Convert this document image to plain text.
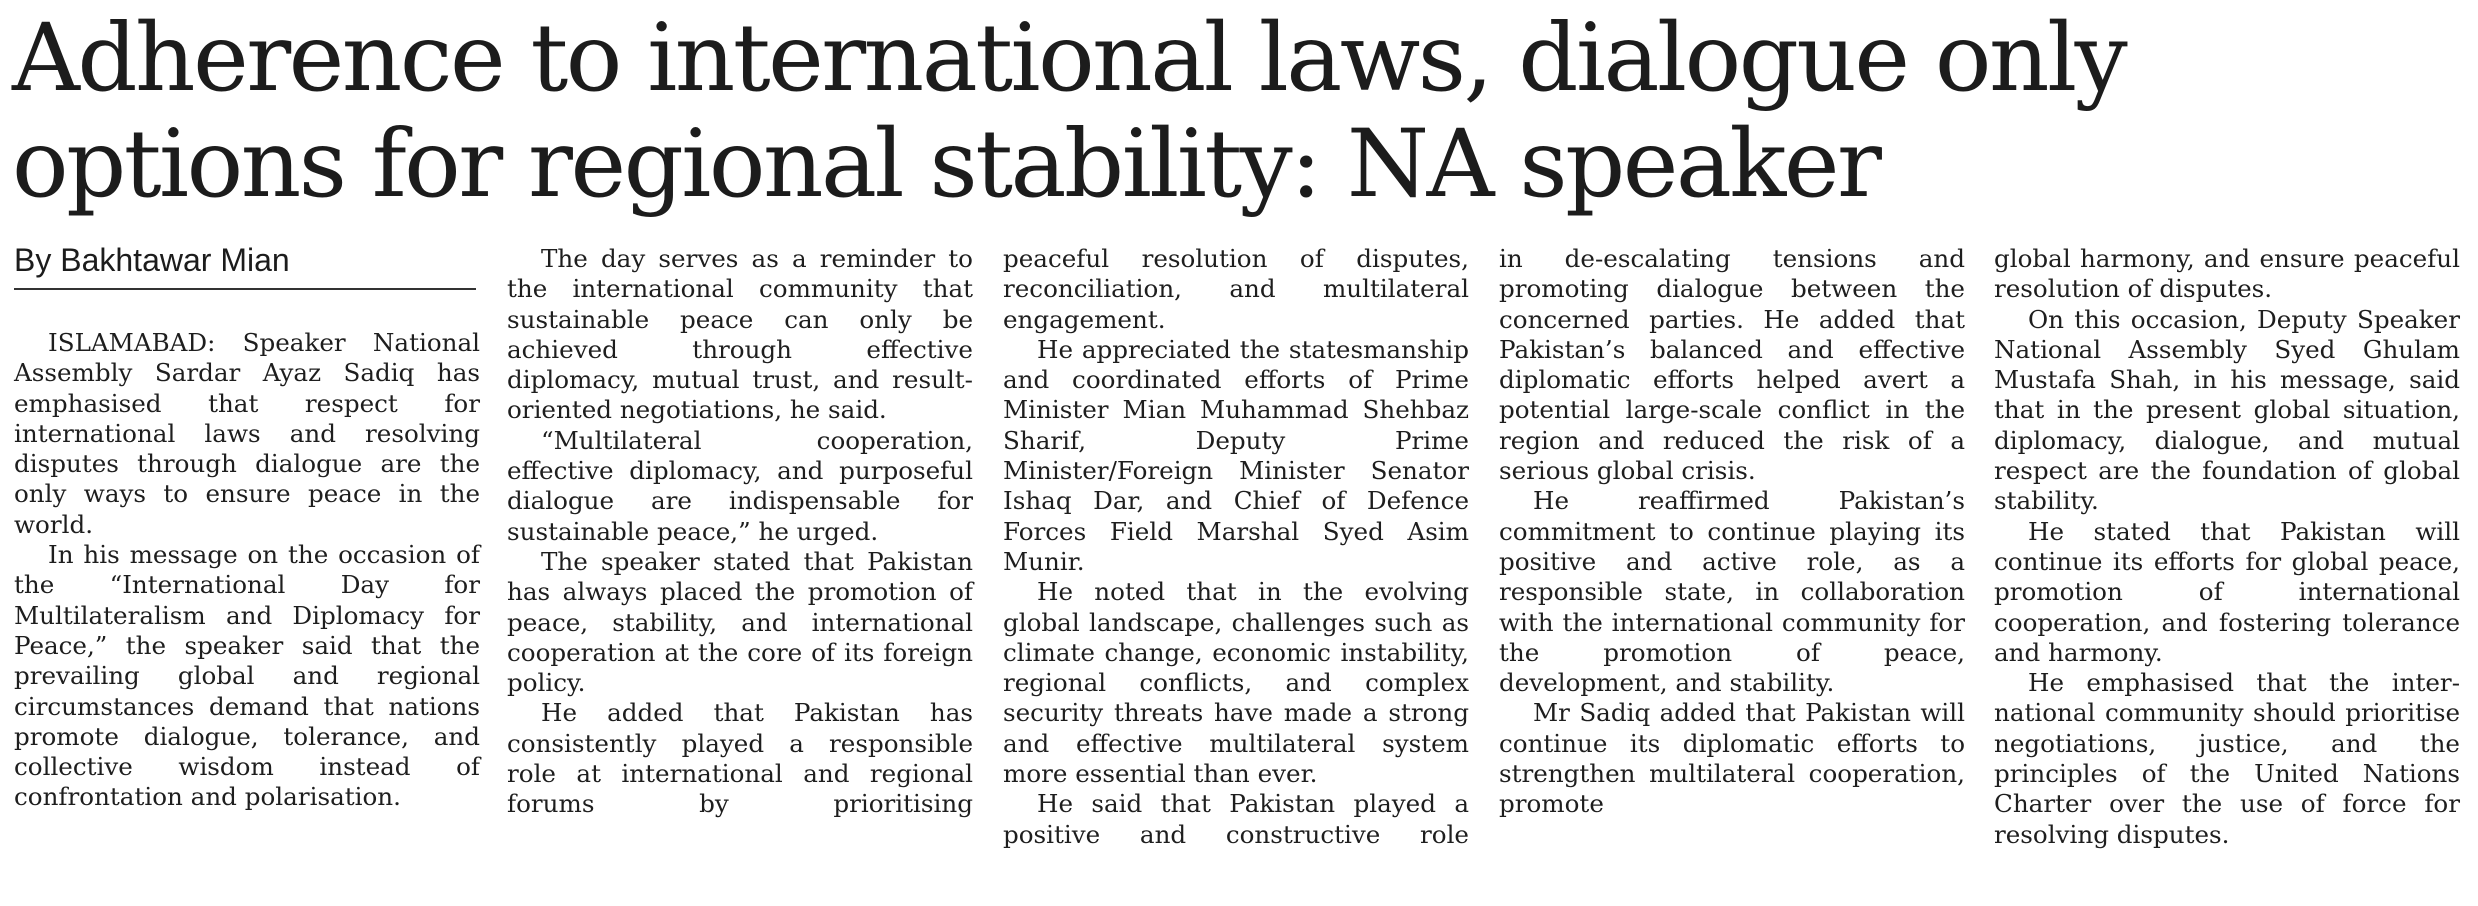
Adherence to international laws, dialogue only
options for regional stability: NA speaker
By Bakhtawar Mian

ISLAMABAD: Speaker National Assembly Sardar Ayaz Sadiq has emphasised that respect for international laws and resolving disputes through dialogue are the only ways to ensure peace in the world.

In his message on the occasion of the “International Day for Multilateralism and Diplomacy for Peace,” the speaker said that the prevailing global and regional circumstances demand that nations promote dialogue, tolerance, and collective wisdom instead of confrontation and polarisation.

The day serves as a reminder to the international community that sustainable peace can only be achieved through effective diplomacy, mutual trust, and result-oriented negotiations, he said.

“Multilateral cooperation, effective diplomacy, and purposeful dialogue are indispensable for sustainable peace,” he urged.

The speaker stated that Pakistan has always placed the promotion of peace, stability, and international cooperation at the core of its foreign policy.

He added that Pakistan has consistently played a responsible role at international and regional forums by prioritising

peaceful resolution of disputes, reconciliation, and multilateral engagement.

He appreciated the statesmanship and coordinated efforts of Prime Minister Mian Muhammad Shehbaz Sharif, Deputy Prime Minister/Foreign Minister Senator Ishaq Dar, and Chief of Defence Forces Field Marshal Syed Asim Munir.

He noted that in the evolving global landscape, challenges such as climate change, economic instability, regional conflicts, and complex security threats have made a strong and effective multilateral system more essential than ever.

He said that Pakistan played a positive and constructive role

in de-escalating tensions and promoting dialogue between the concerned parties. He added that Pakistan’s balanced and effective diplomatic efforts helped avert a potential large-scale conflict in the region and reduced the risk of a serious global crisis.

He reaffirmed Pakistan’s commitment to continue playing its positive and active role, as a responsible state, in collaboration with the international community for the promotion of peace, development, and stability.

Mr Sadiq added that Pakistan will continue its diplomatic efforts to strengthen multilateral cooperation, promote

global harmony, and ensure peaceful resolution of disputes.

On this occasion, Deputy Speaker National Assembly Syed Ghulam Mustafa Shah, in his message, said that in the present global situation, diplomacy, dialogue, and mutual respect are the foundation of global stability.

He stated that Pakistan will continue its efforts for global peace, promotion of international cooperation, and fostering tolerance and harmony.

He emphasised that the international community should prioritise negotiations, justice, and the principles of the United Nations Charter over the use of force for resolving disputes.
